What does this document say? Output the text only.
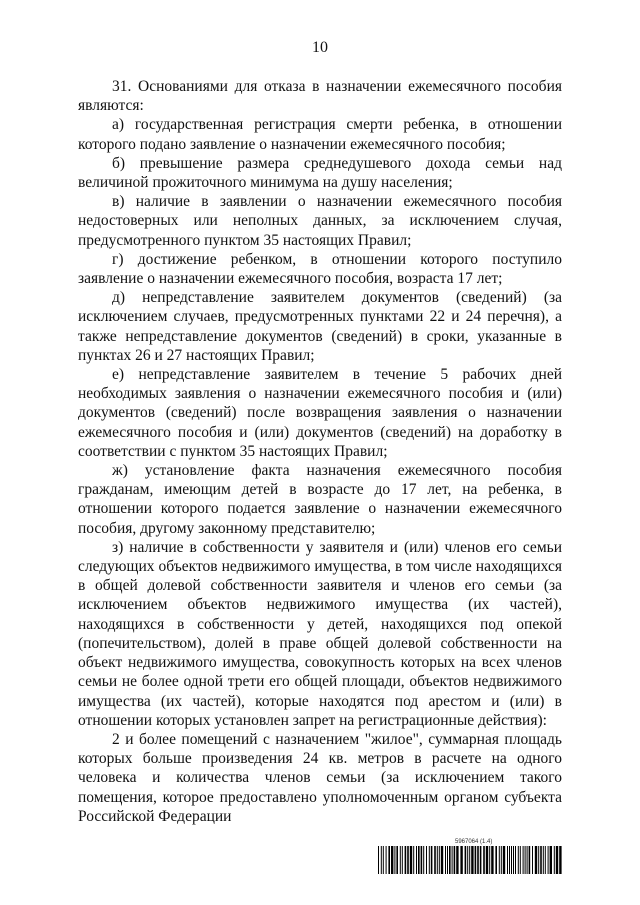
10

31. Основаниями для отказа в назначении ежемесячного пособия являются:

а) государственная регистрация смерти ребенка, в отношении которого подано заявление о назначении ежемесячного пособия;

б) превышение размера среднедушевого дохода семьи над величиной прожиточного минимума на душу населения;

в) наличие в заявлении о назначении ежемесячного пособия недостоверных или неполных данных, за исключением случая, предусмотренного пунктом 35 настоящих Правил;

г) достижение ребенком, в отношении которого поступило заявление о назначении ежемесячного пособия, возраста 17 лет;

д) непредставление заявителем документов (сведений) (за исключением случаев, предусмотренных пунктами 22 и 24 перечня), а также непредставление документов (сведений) в сроки, указанные в пунктах 26 и 27 настоящих Правил;

е) непредставление заявителем в течение 5 рабочих дней необходимых заявления о назначении ежемесячного пособия и (или) документов (сведений) после возвращения заявления о назначении ежемесячного пособия и (или) документов (сведений) на доработку в соответствии с пунктом 35 настоящих Правил;

ж) установление факта назначения ежемесячного пособия гражданам, имеющим детей в возрасте до 17 лет, на ребенка, в отношении которого подается заявление о назначении ежемесячного пособия, другому законному представителю;

з) наличие в собственности у заявителя и (или) членов его семьи следующих объектов недвижимого имущества, в том числе находящихся в общей долевой собственности заявителя и членов его семьи (за исключением объектов недвижимого имущества (их частей), находящихся в собственности у детей, находящихся под опекой (попечительством), долей в праве общей долевой собственности на объект недвижимого имущества, совокупность которых на всех членов семьи не более одной трети его общей площади, объектов недвижимого имущества (их частей), которые находятся под арестом и (или) в отношении которых установлен запрет на регистрационные действия):

2 и более помещений с назначением "жилое", суммарная площадь которых больше произведения 24 кв. метров в расчете на одного человека и количества членов семьи (за исключением такого помещения, которое предоставлено уполномоченным органом субъекта Российской Федерации

5967064 (1.4)
